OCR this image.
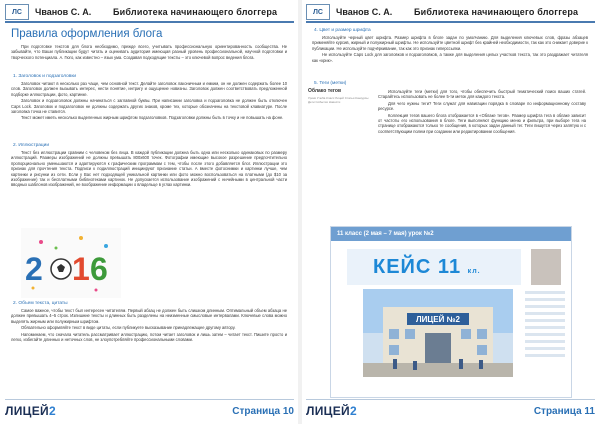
ЛС	Чванов С. А.	Библиотека начинающего блоггера
Правила оформления блога

При подготовке текстов для блога необходимо, прежде всего, учитывать профессиональную ориентированность сообщества. Не забывайте, что Ваши публикации будут читать и оценивать аудитория имеющая разный уровень профессиональной, научной подготовки и творческого потенциала. А. Гюго, как известно – язык ума. Создавая подходящие тексты – это ключевой вопрос ведения блога.

1. Заголовок и подзаголовки

Заголовок читают в несколько раз чаще, чем основной текст. Делайте заголовок лаконичным и емким, он не должен содержать более 10 слов. Заголовок должен вызывать интерес, нести понятие, интригу и ощущение новизны. Заголовок должен соответствовать предложенной подборке иллюстрации, фото, картинке.

Заголовок и подзаголовок должны начинаться с заглавной буквы. При написании заголовка и подзаголовка не должен быть отключен Caps Lock. Заголовок и подзаголовок не должны содержать других знаков, кроме тех, которые обозначены на текстовой клавиатуре. После заголовка точка не ставится.

Текст может иметь несколько выделенных жирным шрифтом подзаголовков. Подзаголовки должны быть в точку и не повышать на фоне.

2. Иллюстрации

Текст без иллюстрации сравним с человеком без лица. В каждой публикации должна быть одна или несколько одинаковых по размеру иллюстраций. Размеры изображений не должны превышать 800x600 точек. Фотографии имеющие высокое разрешение предпочтительно пропорционально уменьшаются и адаптируются к графическим программам с тем, чтобы после этого добавляется блог. Иллюстрации это признак для прочтения текста. Подписи к подиллюстраций инициируют признание статьи. А вместе фотоснимки и картинки лучше, чем картинки и рисунки из сети. Если у Вас нет подходящей уникальной картинки или фото можно воспользоваться на платными (до $10 за изображение) так и бесплатными библиотеками картинок. Не допускается использование изображений с ничейными в центральной части вводных шаблонов изображений, не воображение информации о владельце в углах картинки.

2 1 6
2. Объем текста, цитаты

Самое важное, чтобы текст был интересен читателям. Первый абзац не должен быть слишком длинным. Оптимальный объем абзаца не должен превышать 4–5 строк. Излишние тексты и длинных быть разделены на неизменные смысловые интервалами. Ключевые слова можно выделять жирным или полужирным шрифтом.

Обязательно оформляйте текст в виде цитаты, если публикуете высказывание принадлежащее другому автору.

Напоминаем, что сначала читатель рассматривает иллюстрацию, потом читает заголовок и лишь затем – читает текст. Пишите просто и легко, избегайте длинных и неточных слов, не злоупотребляйте профессиональными словами.

ЛИЦЕЙ2	Страница 10
ЛС	Чванов С. А.	Библиотека начинающего блоггера
4. Цвет и размер шрифта

Используйте черный цвет шрифта. Размер шрифта в блоге задан по умолчанию. Для выделения ключевых слов, фразы абзацев применяйте курсив, жирный и полужирный шрифты. Не используйте цветной шрифт без крайней необходимости, так как это снижает доверие к публикации. Не используйте подчёркивание, так как это признак гиперссылки.

Не используйте Caps Lock для заголовков и подзаголовков, а также для выделения целых участков текста, так это раздражает читателя как «крик».

5. Теги (метки)
Облако тегов
Уроки Учеба Класс Лицей Статьи Конкурсы Дети События Новости

Используйте теги (метки) для того, чтобы обеспечить быстрый тематический поиск ваших статей. Старайтесь использовать не более 5-ти меток для каждого текста.

Для чего нужны теги? Теги служат для навигации порядка в словаре по информационному составу ресурсе.

Коллекция тегов вашего блога отображается в «Облаке тегов». Размер шрифта тега в облаке зависит от частоты его использования в блоге. Теги выполняют функцию меню и фильтра, при выборе тега на странице отображаются только те сообщения, в которых задан данный тег. Теги пишутся через запятую и с соответствующим полем при создании или редактировании сообщения.

11 класс (2 мая – 7 мая) урок №2
КЕЙС 11 кл.
ЛИЦЕЙ №2
ЛИЦЕЙ2	Страница 11
